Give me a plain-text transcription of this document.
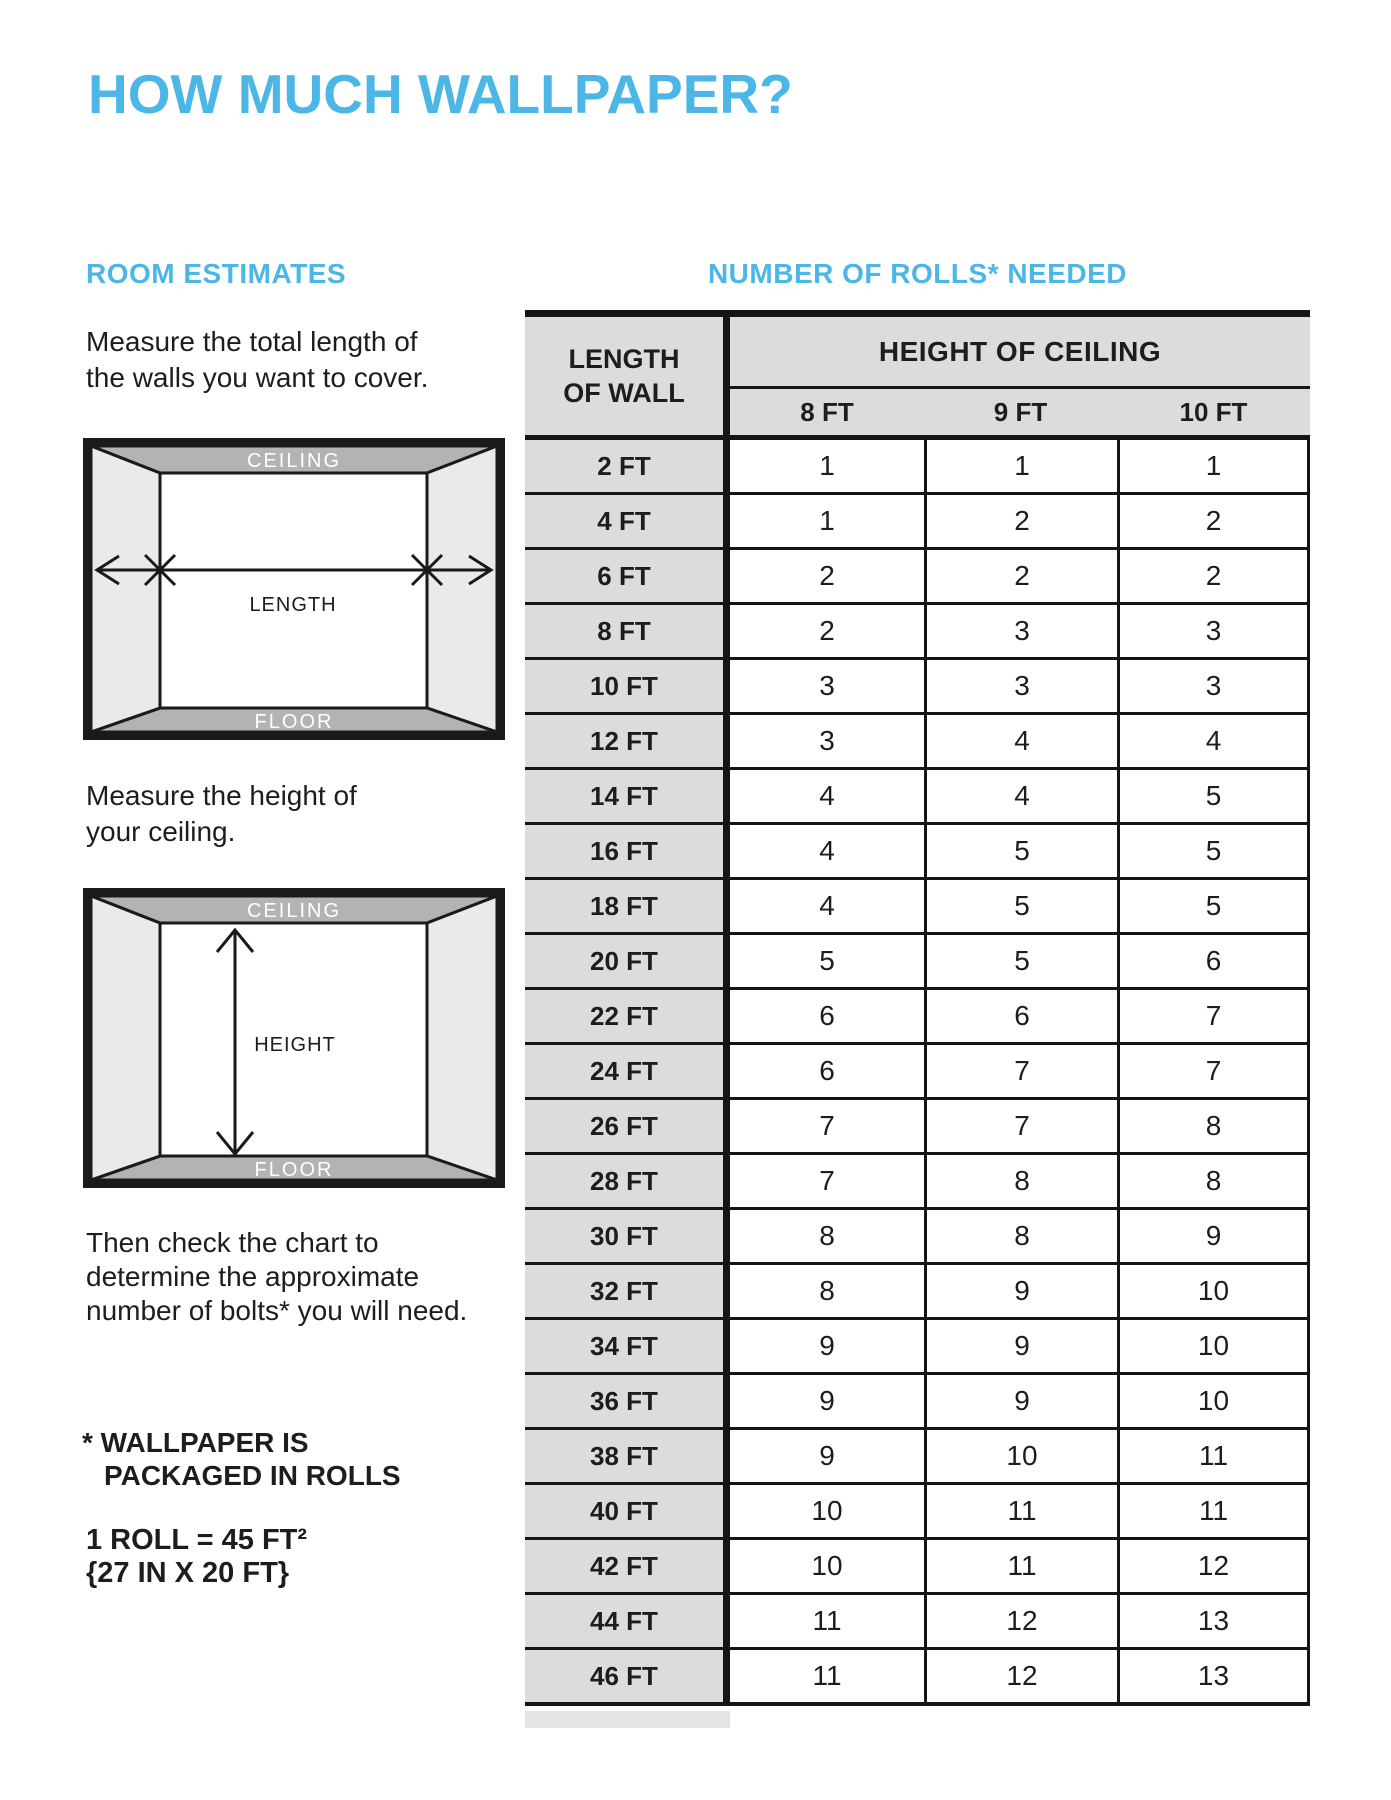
HOW MUCH WALLPAPER?
ROOM ESTIMATES
Measure the total length of
the walls you want to cover.
CEILING
FLOOR
LENGTH
Measure the height of
your ceiling.
CEILING
FLOOR
HEIGHT
Then check the chart to
determine the approximate
number of bolts* you will need.
* WALLPAPER IS
PACKAGED IN ROLLS
1 ROLL = 45 FT²
{27 IN X 20 FT}
NUMBER OF ROLLS* NEEDED
LENGTH
OF WALL
HEIGHT OF CEILING
8 FT	9 FT	10 FT
2 FT	1	1	1
4 FT	1	2	2
6 FT	2	2	2
8 FT	2	3	3
10 FT	3	3	3
12 FT	3	4	4
14 FT	4	4	5
16 FT	4	5	5
18 FT	4	5	5
20 FT	5	5	6
22 FT	6	6	7
24 FT	6	7	7
26 FT	7	7	8
28 FT	7	8	8
30 FT	8	8	9
32 FT	8	9	10
34 FT	9	9	10
36 FT	9	9	10
38 FT	9	10	11
40 FT	10	11	11
42 FT	10	11	12
44 FT	11	12	13
46 FT	11	12	13
